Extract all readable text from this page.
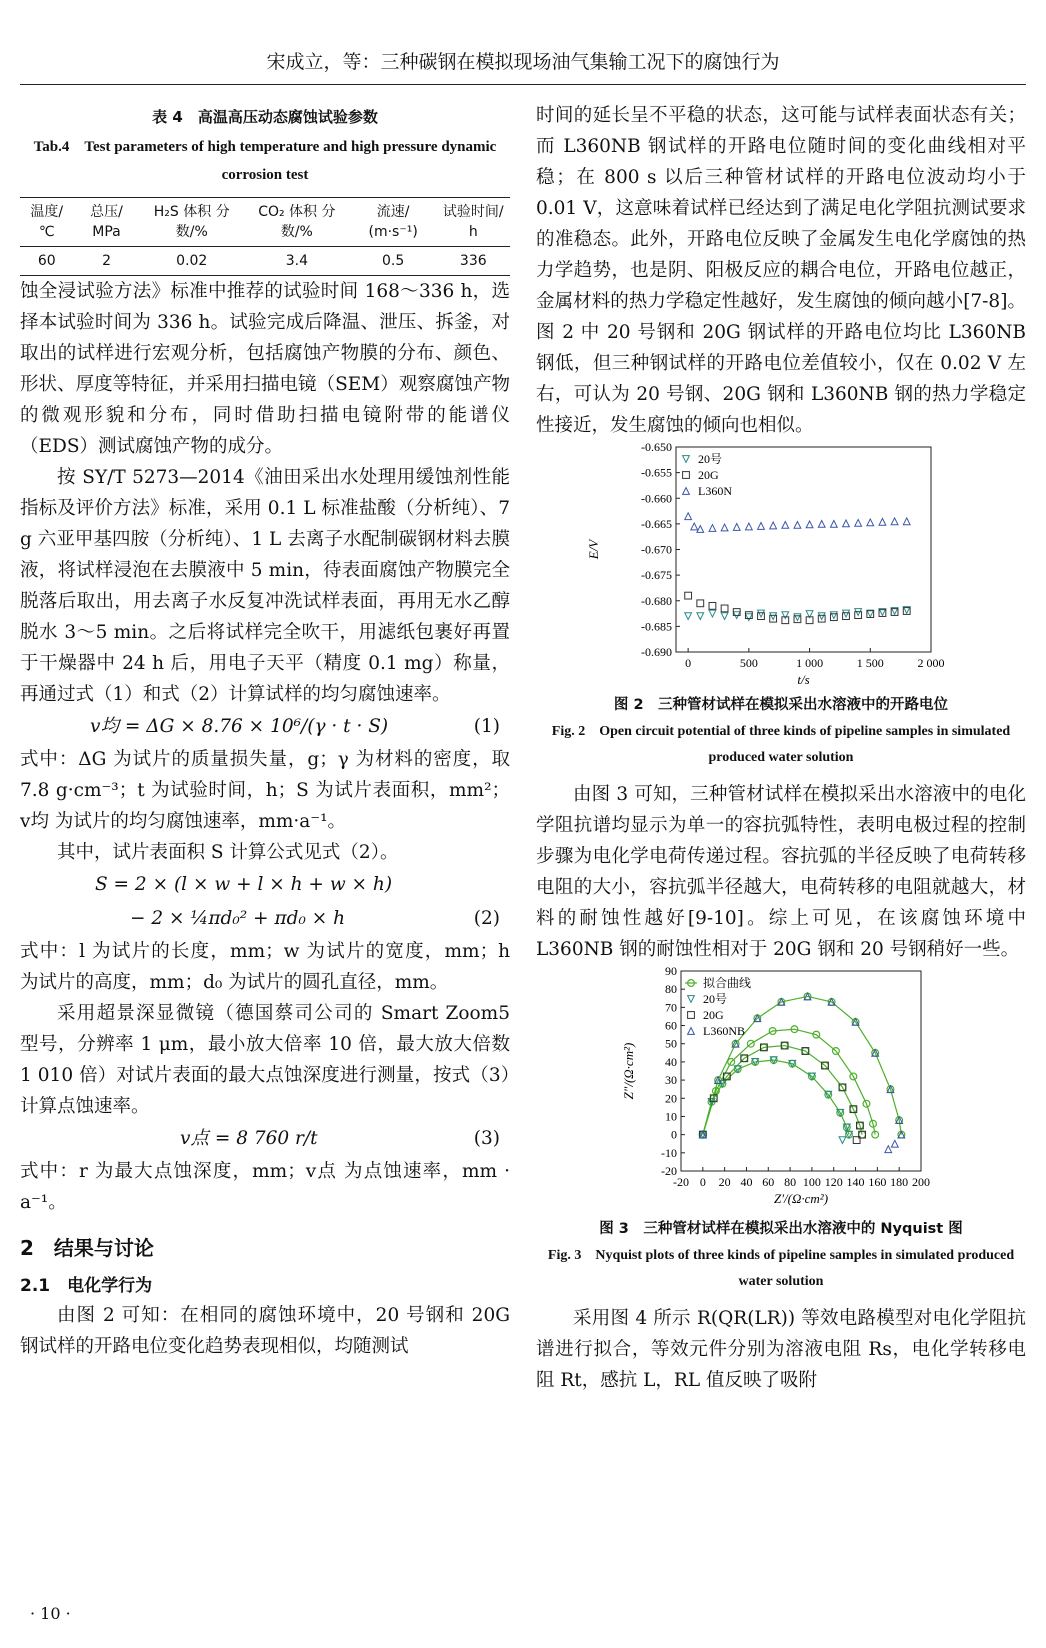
宋成立，等：三种碳钢在模拟现场油气集输工况下的腐蚀行为
表 4　高温高压动态腐蚀试验参数
Tab.4　Test parameters of high temperature and high pressure dynamic corrosion test
温度/ ℃	总压/ MPa	H₂S 体积 分数/%	CO₂ 体积 分数/%	流速/ (m·s⁻¹)	试验时间/ h
60	2	0.02	3.4	0.5	336

蚀全浸试验方法》标准中推荐的试验时间 168～336 h，选择本试验时间为 336 h。试验完成后降温、泄压、拆釜，对取出的试样进行宏观分析，包括腐蚀产物膜的分布、颜色、形状、厚度等特征，并采用扫描电镜（SEM）观察腐蚀产物的微观形貌和分布，同时借助扫描电镜附带的能谱仪（EDS）测试腐蚀产物的成分。

按 SY/T 5273—2014《油田采出水处理用缓蚀剂性能指标及评价方法》标准，采用 0.1 L 标准盐酸（分析纯）、7 g 六亚甲基四胺（分析纯）、1 L 去离子水配制碳钢材料去膜液，将试样浸泡在去膜液中 5 min，待表面腐蚀产物膜完全脱落后取出，用去离子水反复冲洗试样表面，再用无水乙醇脱水 3～5 min。之后将试样完全吹干，用滤纸包裹好再置于干燥器中 24 h 后，用电子天平（精度 0.1 mg）称量，再通过式（1）和式（2）计算试样的均匀腐蚀速率。

v均 = ΔG × 8.76 × 10⁶/(γ · t · S)	(1)

式中：ΔG 为试片的质量损失量，g；γ 为材料的密度，取 7.8 g·cm⁻³；t 为试验时间，h；S 为试片表面积，mm²；v均 为试片的均匀腐蚀速率，mm·a⁻¹。

其中，试片表面积 S 计算公式见式（2）。

S = 2 × (l × w + l × h + w × h)
− 2 × ¼πd₀² + πd₀ × h	(2)

式中：l 为试片的长度，mm；w 为试片的宽度，mm；h 为试片的高度，mm；d₀ 为试片的圆孔直径，mm。

采用超景深显微镜（德国蔡司公司的 Smart Zoom5 型号，分辨率 1 μm，最小放大倍率 10 倍，最大放大倍数 1 010 倍）对试片表面的最大点蚀深度进行测量，按式（3）计算点蚀速率。

v点 = 8 760 r/t	(3)

式中：r 为最大点蚀深度，mm；v点 为点蚀速率，mm · a⁻¹。

2　结果与讨论
2.1　电化学行为

由图 2 可知：在相同的腐蚀环境中，20 号钢和 20G 钢试样的开路电位变化趋势表现相似，均随测试

时间的延长呈不平稳的状态，这可能与试样表面状态有关；而 L360NB 钢试样的开路电位随时间的变化曲线相对平稳；在 800 s 以后三种管材试样的开路电位波动均小于 0.01 V，这意味着试样已经达到了满足电化学阻抗测试要求的准稳态。此外，开路电位反映了金属发生电化学腐蚀的热力学趋势，也是阴、阳极反应的耦合电位，开路电位越正，金属材料的热力学稳定性越好，发生腐蚀的倾向越小[7-8]。图 2 中 20 号钢和 20G 钢试样的开路电位均比 L360NB 钢低，但三种钢试样的开路电位差值较小，仅在 0.02 V 左右，可认为 20 号钢、20G 钢和 L360NB 钢的热力学稳定性接近，发生腐蚀的倾向也相似。

0	500	1 000	1 500	2 000
-0.650
-0.655
-0.660
-0.665
-0.670
-0.675
-0.680
-0.685
-0.690
t/s
E/V
20号
20G
L360N
图 2　三种管材试样在模拟采出水溶液中的开路电位
Fig. 2　Open circuit potential of three kinds of pipeline samples in simulated produced water solution

由图 3 可知，三种管材试样在模拟采出水溶液中的电化学阻抗谱均显示为单一的容抗弧特性，表明电极过程的控制步骤为电化学电荷传递过程。容抗弧的半径反映了电荷转移电阻的大小，容抗弧半径越大，电荷转移的电阻就越大，材料的耐蚀性越好[9-10]。综上可见，在该腐蚀环境中 L360NB 钢的耐蚀性相对于 20G 钢和 20 号钢稍好一些。

-20 0 20 40 60 80 100 120 140 160 180 200
-20
-10
0
10
20
30
40
50
60
70
80
90
Z′/(Ω·cm²)
Z″/(Ω·cm²)
拟合曲线
20号
20G
L360NB
图 3　三种管材试样在模拟采出水溶液中的 Nyquist 图
Fig. 3　Nyquist plots of three kinds of pipeline samples in simulated produced water solution

采用图 4 所示 R(QR(LR)) 等效电路模型对电化学阻抗谱进行拟合，等效元件分别为溶液电阻 Rs，电化学转移电阻 Rt，感抗 L，RL 值反映了吸附

· 10 ·
